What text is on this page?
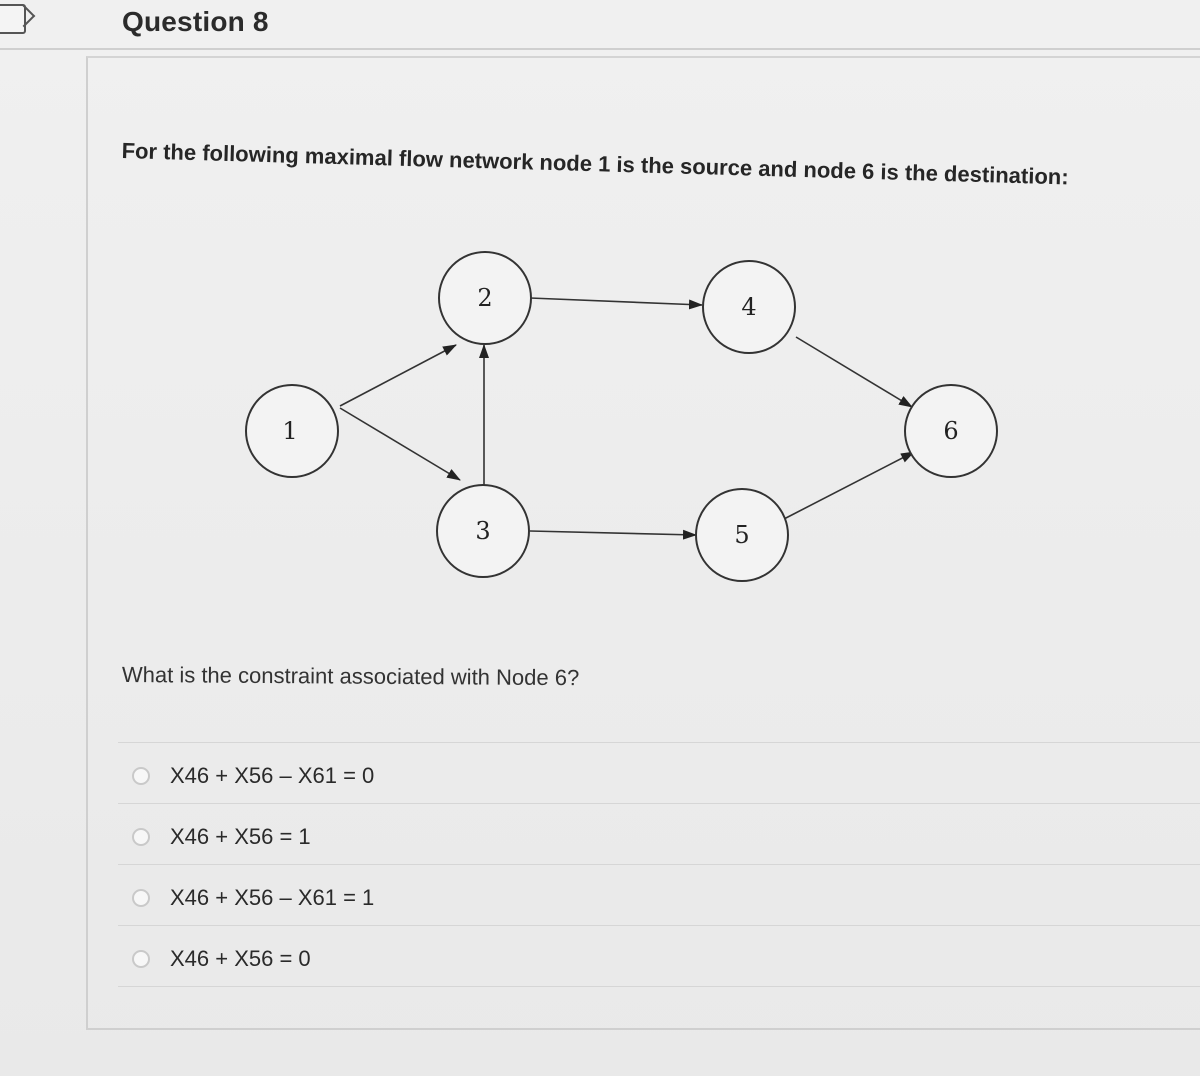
Question 8
For the following maximal flow network node 1 is the source and node 6 is the destination:
1
2
3
4
5
6
What is the constraint associated with Node 6?
X46 + X56 – X61 = 0
X46 + X56 = 1
X46 + X56 – X61 = 1
X46 + X56 = 0
